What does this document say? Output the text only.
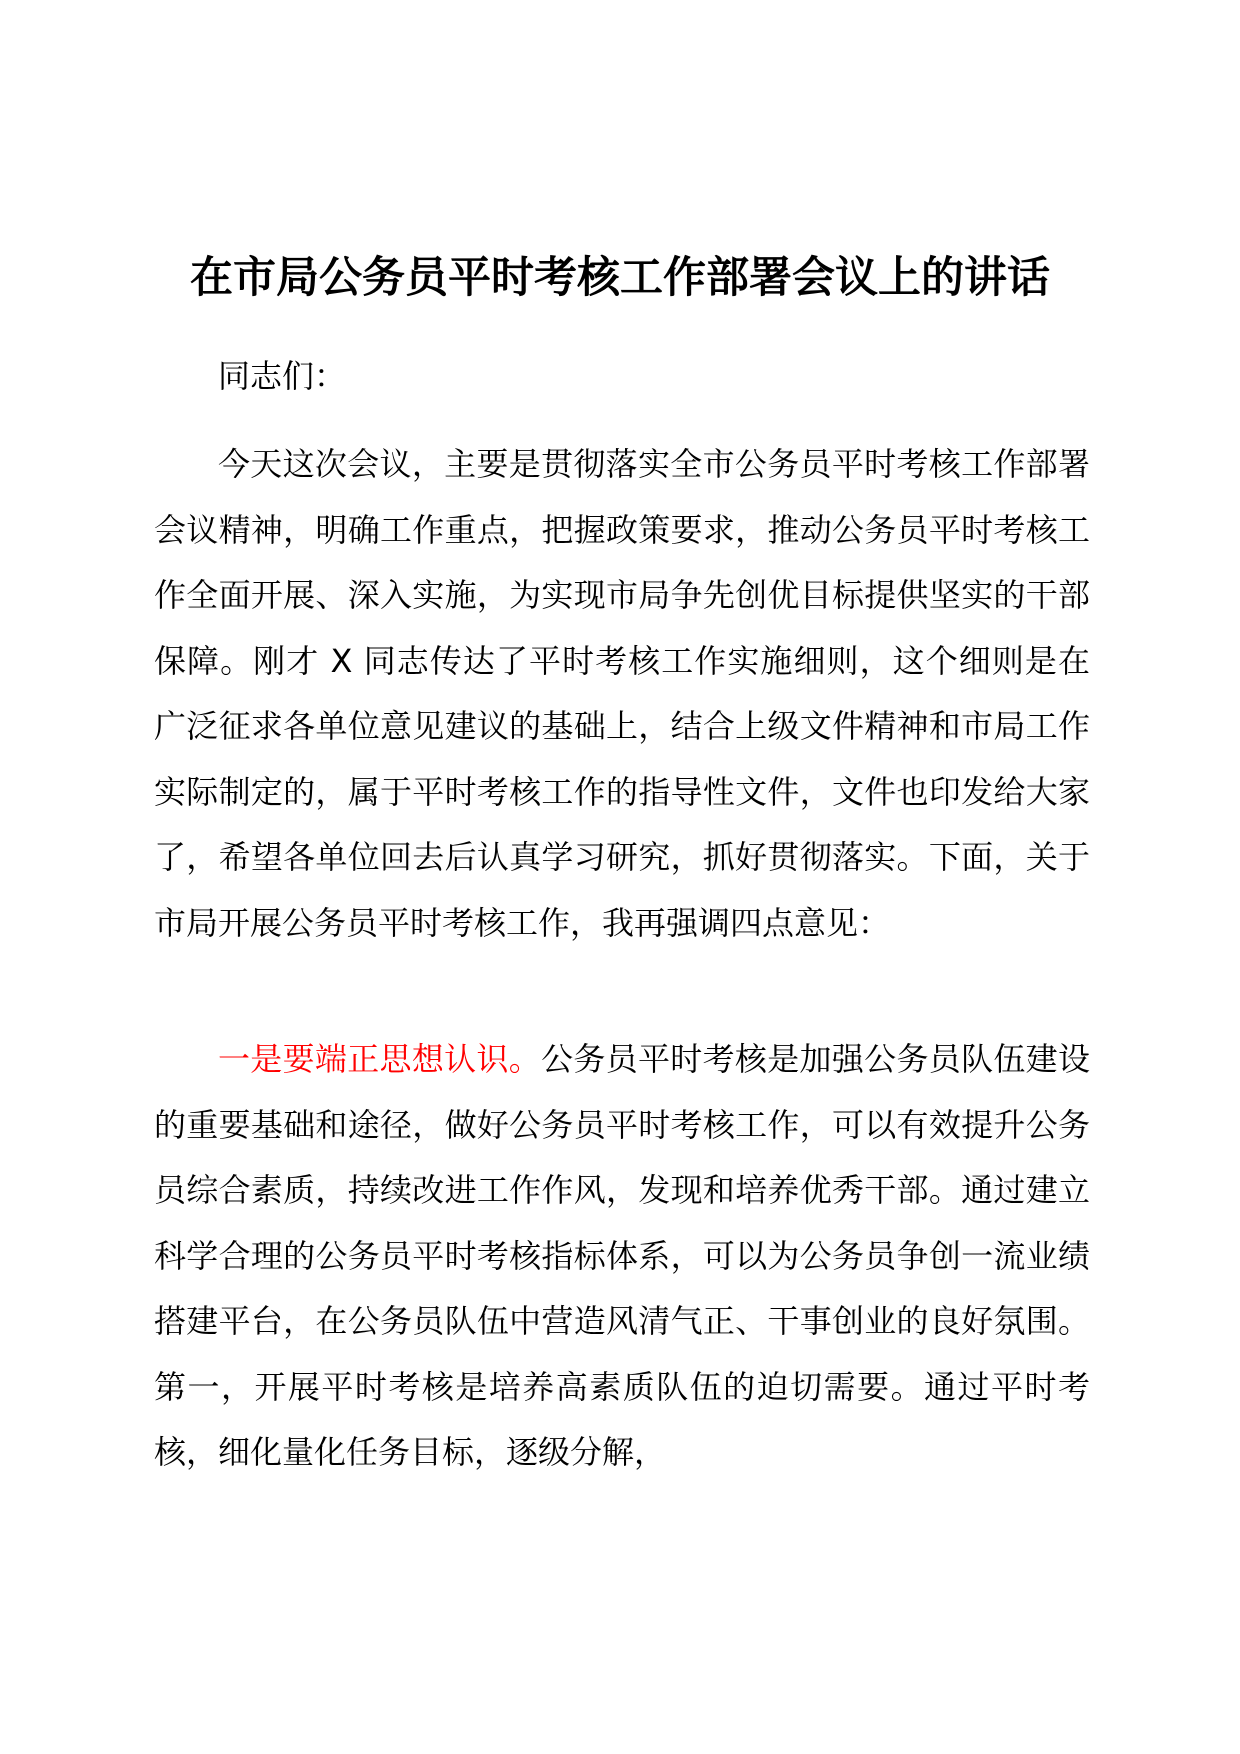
在市局公务员平时考核工作部署会议上的讲话

同志们：

今天这次会议，主要是贯彻落实全市公务员平时考核工作部署会议精神，明确工作重点，把握政策要求，推动公务员平时考核工作全面开展、深入实施，为实现市局争先创优目标提供坚实的干部保障。刚才 X 同志传达了平时考核工作实施细则，这个细则是在广泛征求各单位意见建议的基础上，结合上级文件精神和市局工作实际制定的，属于平时考核工作的指导性文件，文件也印发给大家了，希望各单位回去后认真学习研究，抓好贯彻落实。下面，关于市局开展公务员平时考核工作，我再强调四点意见：

一是要端正思想认识。公务员平时考核是加强公务员队伍建设的重要基础和途径，做好公务员平时考核工作，可以有效提升公务员综合素质，持续改进工作作风，发现和培养优秀干部。通过建立科学合理的公务员平时考核指标体系，可以为公务员争创一流业绩搭建平台，在公务员队伍中营造风清气正、干事创业的良好氛围。第一，开展平时考核是培养高素质队伍的迫切需要。通过平时考核，细化量化任务目标，逐级分解，
